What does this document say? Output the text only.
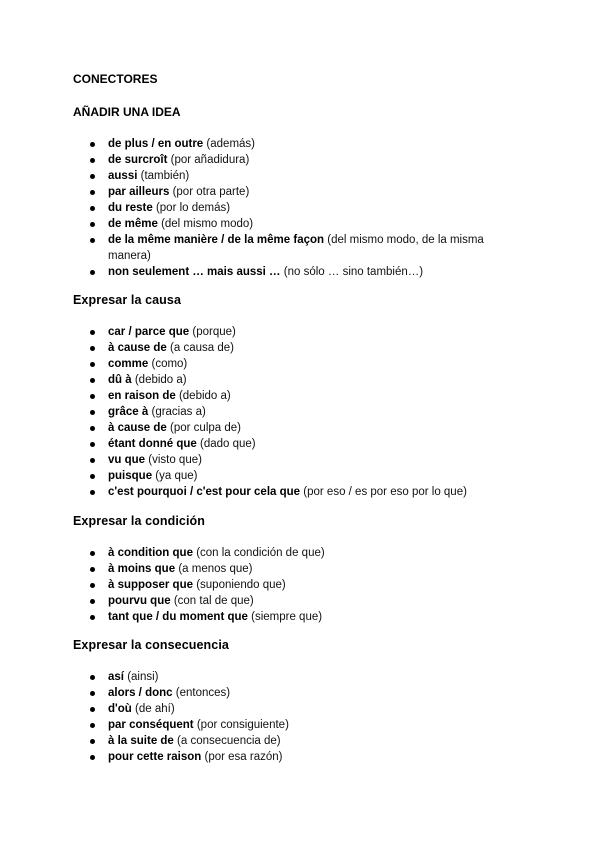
CONECTORES
AÑADIR UNA IDEA
de plus / en outre (además)
de surcroît (por añadidura)
aussi (también)
par ailleurs (por otra parte)
du reste (por lo demás)
de même (del mismo modo)
de la même manière / de la même façon (del mismo modo, de la misma manera)
non seulement … mais aussi … (no sólo … sino también…)
Expresar la causa
car / parce que (porque)
à cause de (a causa de)
comme (como)
dû à (debido a)
en raison de (debido a)
grâce à (gracias a)
à cause de (por culpa de)
étant donné que (dado que)
vu que (visto que)
puisque (ya que)
c'est pourquoi / c'est pour cela que (por eso / es por eso por lo que)
Expresar la condición
à condition que (con la condición de que)
à moins que (a menos que)
à supposer que (suponiendo que)
pourvu que (con tal de que)
tant que / du moment que (siempre que)
Expresar la consecuencia
así (ainsi)
alors / donc (entonces)
d'où (de ahí)
par conséquent (por consiguiente)
à la suite de (a consecuencia de)
pour cette raison (por esa razón)
